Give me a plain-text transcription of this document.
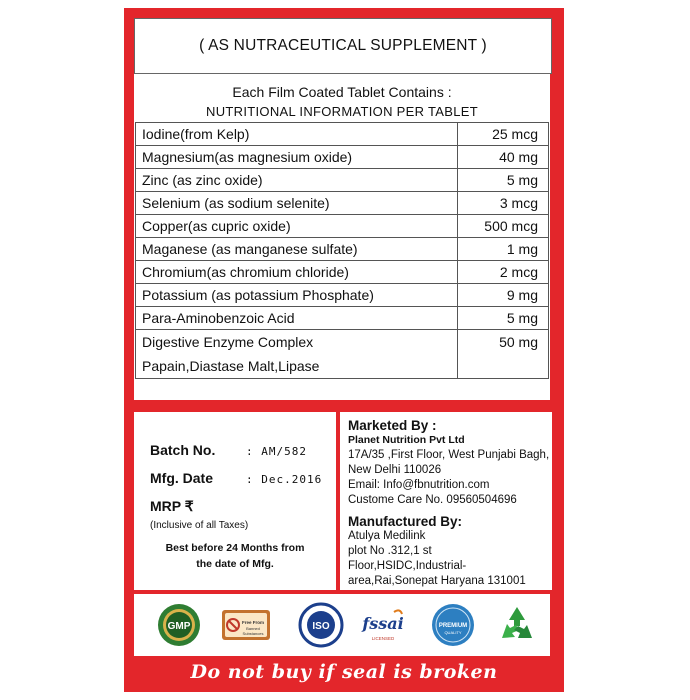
( AS NUTRACEUTICAL SUPPLEMENT )
Each Film Coated Tablet Contains :
NUTRITIONAL INFORMATION PER TABLET
Iodine(from Kelp)	25 mcg
Magnesium(as magnesium oxide)	40 mg
Zinc (as zinc oxide)	5 mg
Selenium (as sodium selenite)	3 mcg
Copper(as cupric oxide)	500 mcg
Maganese (as manganese sulfate)	1 mg
Chromium(as chromium chloride)	2 mcg
Potassium (as potassium Phosphate)	9 mg
Para-Aminobenzoic Acid	5 mg

Digestive Enzyme Complex
Papain,Diastase Malt,Lipase	50 mg
Batch No.	: AM/582
Mfg. Date	: Dec.2016
MRP ₹
(Inclusive of all Taxes)
Best before 24 Months from
the date of Mfg.
Marketed By :
Planet Nutrition Pvt Ltd
17A/35 ,First Floor, West Punjabi Bagh,
New Delhi 110026
Email: Info@fbnutrition.com
Custome Care No. 09560504696
Manufactured By:
Atulya Medilink
plot No .312,1 st Floor,HSIDC,Industrial-
area,Rai,Sonepat Haryana 131001
GMP	Free From
Banned
Substances
ISO fssai
LICENSED
PREMIUM
QUALITY
Do not buy if seal is broken
